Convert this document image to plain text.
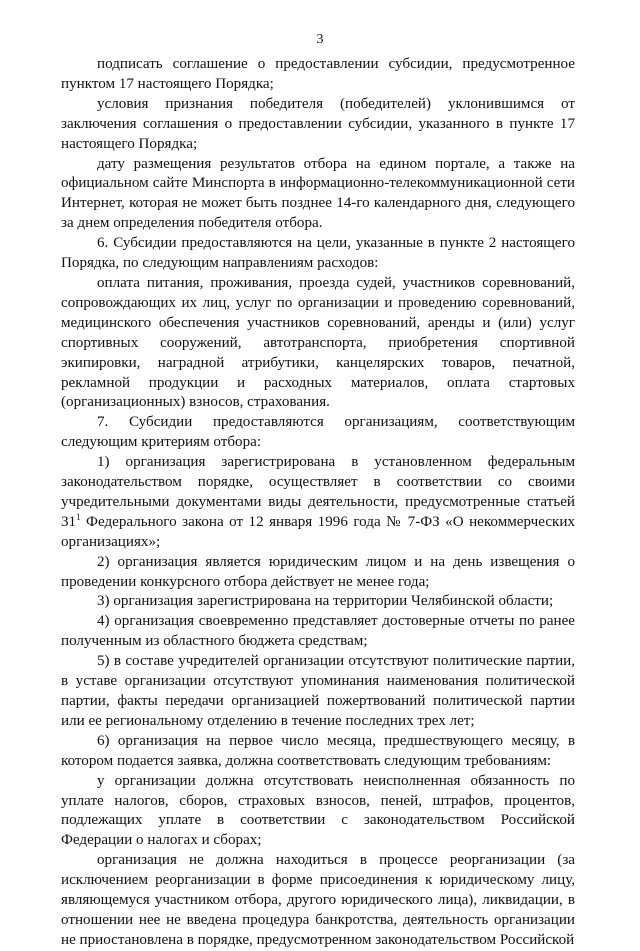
3

подписать соглашение о предоставлении субсидии, предусмотренное пунктом 17 настоящего Порядка;

условия признания победителя (победителей) уклонившимся от заключения соглашения о предоставлении субсидии, указанного в пункте 17 настоящего Порядка;

дату размещения результатов отбора на едином портале, а также на официальном сайте Минспорта в информационно-телекоммуникационной сети Интернет, которая не может быть позднее 14-го календарного дня, следующего за днем определения победителя отбора.

6. Субсидии предоставляются на цели, указанные в пункте 2 настоящего Порядка, по следующим направлениям расходов:

оплата питания, проживания, проезда судей, участников соревнований, сопровождающих их лиц, услуг по организации и проведению соревнований, медицинского обеспечения участников соревнований, аренды и (или) услуг спортивных сооружений, автотранспорта, приобретения спортивной экипировки, наградной атрибутики, канцелярских товаров, печатной, рекламной продукции и расходных материалов, оплата стартовых (организационных) взносов, страхования.

7. Субсидии предоставляются организациям, соответствующим следующим критериям отбора:

1) организация зарегистрирована в установленном федеральным законодательством порядке, осуществляет в соответствии со своими учредительными документами виды деятельности, предусмотренные статьей $31^1$ Федерального закона от 12 января 1996 года № 7-ФЗ «О некоммерческих организациях»;

2) организация является юридическим лицом и на день извещения о проведении конкурсного отбора действует не менее года;

3) организация зарегистрирована на территории Челябинской области;

4) организация своевременно представляет достоверные отчеты по ранее полученным из областного бюджета средствам;

5) в составе учредителей организации отсутствуют политические партии, в уставе организации отсутствуют упоминания наименования политической партии, факты передачи организацией пожертвований политической партии или ее региональному отделению в течение последних трех лет;

6) организация на первое число месяца, предшествующего месяцу, в котором подается заявка, должна соответствовать следующим требованиям:

у организации должна отсутствовать неисполненная обязанность по уплате налогов, сборов, страховых взносов, пеней, штрафов, процентов, подлежащих уплате в соответствии с законодательством Российской Федерации о налогах и сборах;

организация не должна находиться в процессе реорганизации (за исключением реорганизации в форме присоединения к юридическому лицу, являющемуся участником отбора, другого юридического лица), ликвидации, в отношении нее не введена процедура банкротства, деятельность организации не приостановлена в порядке, предусмотренном законодательством Российской
